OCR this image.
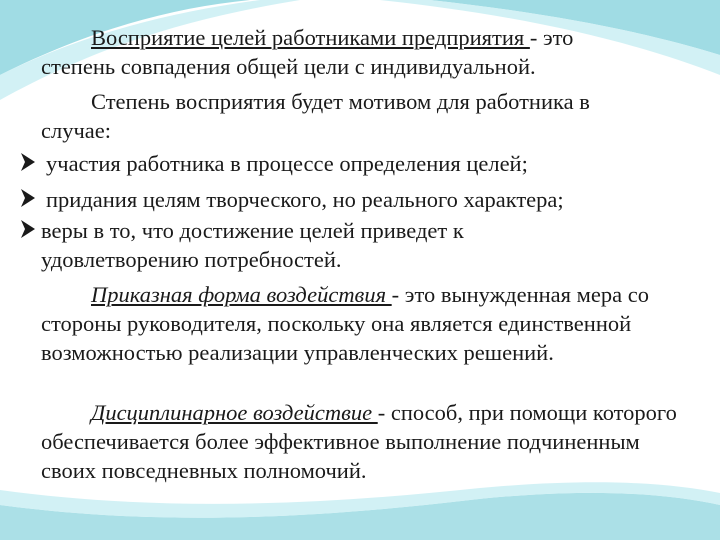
Восприятие целей работниками предприятия - это
степень совпадения общей цели с индивидуальной.

Степень восприятия будет мотивом для работника в
случае:

участия работника в процессе определения целей;
придания целям творческого, но реального характера;
веры в то, что достижение целей приведет к
удовлетворению потребностей.

Приказная форма воздействия - это вынужденная мера со стороны руководителя, поскольку она является единственной возможностью реализации управленческих решений.

Дисциплинарное воздействие - способ, при помощи которого обеспечивается более эффективное выполнение подчиненным своих повседневных полномочий.
